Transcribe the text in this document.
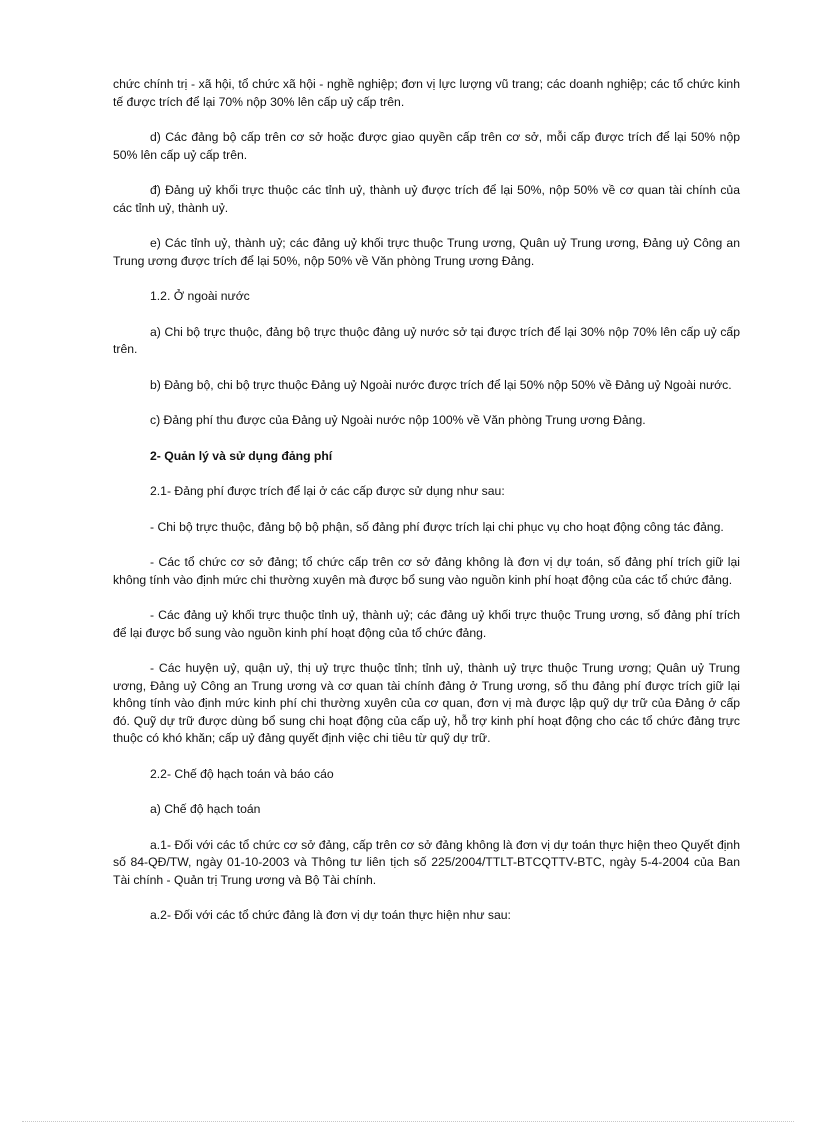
chức chính trị - xã hội, tổ chức xã hội - nghề nghiệp; đơn vị lực lượng vũ trang; các doanh nghiệp; các tổ chức kinh tế được trích để lại 70% nộp 30% lên cấp uỷ cấp trên.

d) Các đảng bộ cấp trên cơ sở hoặc được giao quyền cấp trên cơ sở, mỗi cấp được trích để lại 50% nộp 50% lên cấp uỷ cấp trên.

đ) Đảng uỷ khối trực thuộc các tỉnh uỷ, thành uỷ được trích để lại 50%, nộp 50% về cơ quan tài chính của các tỉnh uỷ, thành uỷ.

e) Các tỉnh uỷ, thành uỷ; các đảng uỷ khối trực thuộc Trung ương, Quân uỷ Trung ương, Đảng uỷ Công an Trung ương được trích để lại 50%, nộp 50% về Văn phòng Trung ương Đảng.

1.2. Ở ngoài nước

a) Chi bộ trực thuộc, đảng bộ trực thuộc đảng uỷ nước sở tại được trích để lại 30% nộp 70% lên cấp uỷ cấp trên.

b) Đảng bộ, chi bộ trực thuộc Đảng uỷ Ngoài nước được trích để lại 50% nộp 50% về Đảng uỷ Ngoài nước.

c) Đảng phí thu được của Đảng uỷ Ngoài nước nộp 100% về Văn phòng Trung ương Đảng.

2- Quản lý và sử dụng đảng phí

2.1- Đảng phí được trích để lại ở các cấp được sử dụng như sau:

- Chi bộ trực thuộc, đảng bộ bộ phận, số đảng phí được trích lại chi phục vụ cho hoạt động công tác đảng.

- Các tổ chức cơ sở đảng; tổ chức cấp trên cơ sở đảng không là đơn vị dự toán, số đảng phí trích giữ lại không tính vào định mức chi thường xuyên mà được bổ sung vào nguồn kinh phí hoạt động của các tổ chức đảng.

- Các đảng uỷ khối trực thuộc tỉnh uỷ, thành uỷ; các đảng uỷ khối trực thuộc Trung ương, số đảng phí trích để lại được bổ sung vào nguồn kinh phí hoạt động của tổ chức đảng.

- Các huyện uỷ, quận uỷ, thị uỷ trực thuộc tỉnh; tỉnh uỷ, thành uỷ trực thuộc Trung ương; Quân uỷ Trung ương, Đảng uỷ Công an Trung ương và cơ quan tài chính đảng ở Trung ương, số thu đảng phí được trích giữ lại không tính vào định mức kinh phí chi thường xuyên của cơ quan, đơn vị mà được lập quỹ dự trữ của Đảng ở cấp đó. Quỹ dự trữ được dùng bổ sung chi hoạt động của cấp uỷ, hỗ trợ kinh phí hoạt động cho các tổ chức đảng trực thuộc có khó khăn; cấp uỷ đảng quyết định việc chi tiêu từ quỹ dự trữ.

2.2- Chế độ hạch toán và báo cáo

a) Chế độ hạch toán

a.1- Đối với các tổ chức cơ sở đảng, cấp trên cơ sở đảng không là đơn vị dự toán thực hiện theo Quyết định số 84-QĐ/TW, ngày 01-10-2003 và Thông tư liên tịch số 225/2004/TTLT-BTCQTTV-BTC, ngày 5-4-2004 của Ban Tài chính - Quản trị Trung ương và Bộ Tài chính.

a.2- Đối với các tổ chức đảng là đơn vị dự toán thực hiện như sau:
